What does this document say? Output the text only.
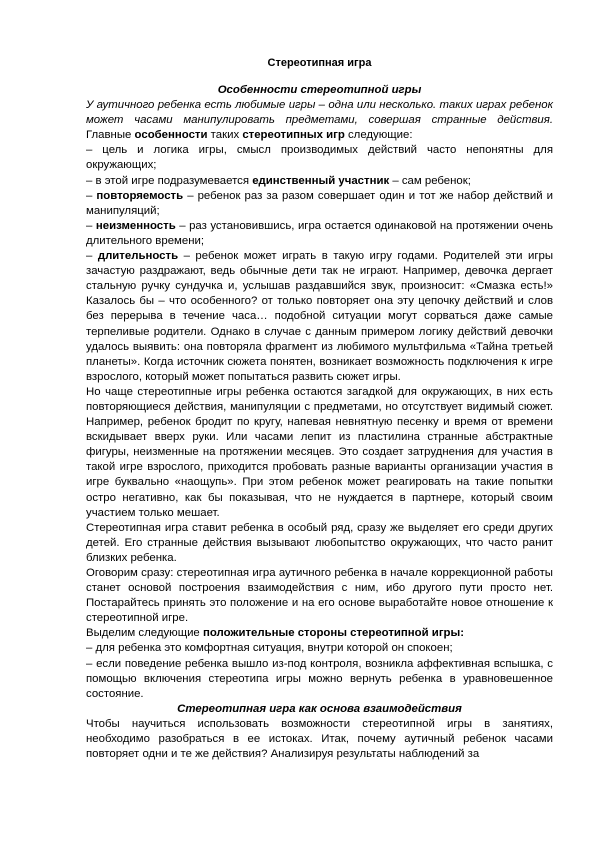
Стереотипная игра
Особенности стереотипной игры

У аутичного ребенка есть любимые игры – одна или несколько. таких играх ребенок может часами манипулировать предметами, совершая странные действия. Главные особенности таких стереотипных игр следующие:

– цель и логика игры, смысл производимых действий часто непонятны для окружающих;

– в этой игре подразумевается единственный участник – сам ребенок;

– повторяемость – ребенок раз за разом совершает один и тот же набор действий и манипуляций;

– неизменность – раз установившись, игра остается одинаковой на протяжении очень длительного времени;

– длительность – ребенок может играть в такую игру годами. Родителей эти игры зачастую раздражают, ведь обычные дети так не играют. Например, девочка дергает стальную ручку сундучка и, услышав раздавшийся звук, произносит: «Смазка есть!» Казалось бы – что особенного? от только повторяет она эту цепочку действий и слов без перерыва в течение часа… подобной ситуации могут сорваться даже самые терпеливые родители. Однако в случае с данным примером логику действий девочки удалось выявить: она повторяла фрагмент из любимого мультфильма «Тайна третьей планеты». Когда источник сюжета понятен, возникает возможность подключения к игре взрослого, который может попытаться развить сюжет игры.

Но чаще стереотипные игры ребенка остаются загадкой для окружающих, в них есть повторяющиеся действия, манипуляции с предметами, но отсутствует видимый сюжет. Например, ребенок бродит по кругу, напевая невнятную песенку и время от времени вскидывает вверх руки. Или часами лепит из пластилина странные абстрактные фигуры, неизменные на протяжении месяцев. Это создает затруднения для участия в такой игре взрослого, приходится пробовать разные варианты организации участия в игре буквально «наощупь». При этом ребенок может реагировать на такие попытки остро негативно, как бы показывая, что не нуждается в партнере, который своим участием только мешает.

Стереотипная игра ставит ребенка в особый ряд, сразу же выделяет его среди других детей. Его странные действия вызывают любопытство окружающих, что часто ранит близких ребенка.

Оговорим сразу: стереотипная игра аутичного ребенка в начале коррекционной работы станет основой построения взаимодействия с ним, ибо другого пути просто нет. Постарайтесь принять это положение и на его основе выработайте новое отношение к стереотипной игре.

Выделим следующие положительные стороны стереотипной игры:

– для ребенка это комфортная ситуация, внутри которой он спокоен;

– если поведение ребенка вышло из-под контроля, возникла аффективная вспышка, с помощью включения стереотипа игры можно вернуть ребенка в уравновешенное состояние.

Стереотипная игра как основа взаимодействия

Чтобы научиться использовать возможности стереотипной игры в занятиях, необходимо разобраться в ее истоках. Итак, почему аутичный ребенок часами повторяет одни и те же действия? Анализируя результаты наблюдений за
